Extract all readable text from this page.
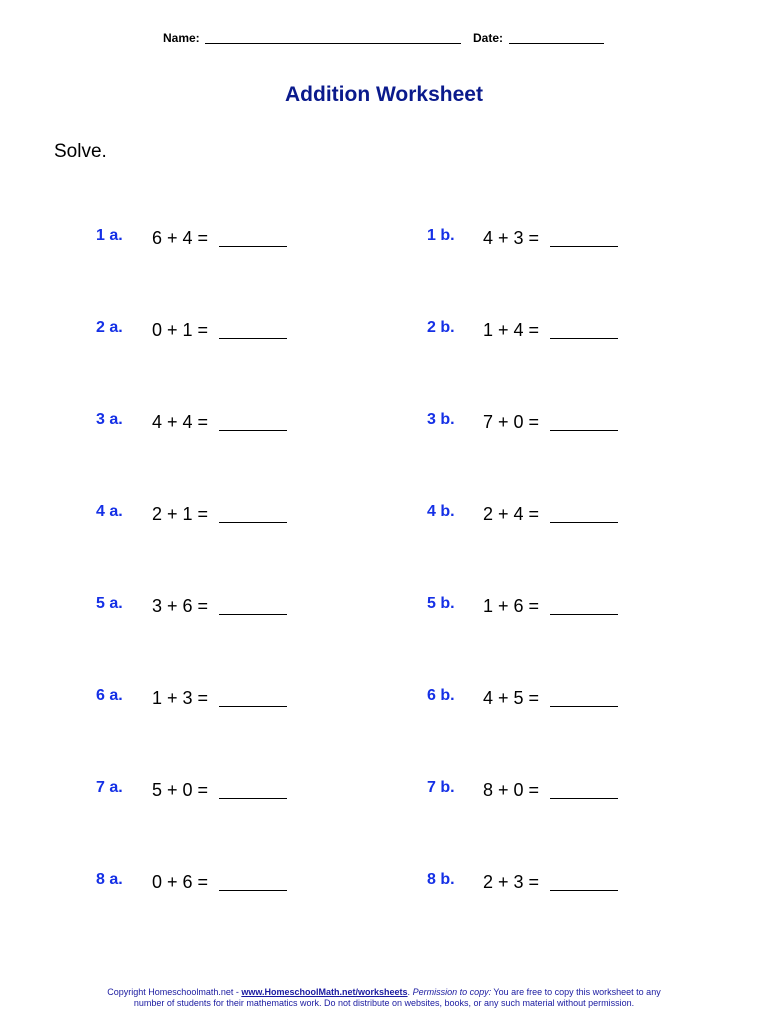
Name:	Date:
Addition Worksheet
Solve.
1 a. 6 + 4 =	1 b. 4 + 3 =
2 a. 0 + 1 =	2 b. 1 + 4 =
3 a. 4 + 4 =	3 b. 7 + 0 =
4 a. 2 + 1 =	4 b. 2 + 4 =
5 a. 3 + 6 =	5 b. 1 + 6 =
6 a. 1 + 3 =	6 b. 4 + 5 =
7 a. 5 + 0 =	7 b. 8 + 0 =
8 a. 0 + 6 =	8 b. 2 + 3 =
Copyright Homeschoolmath.net - www.HomeschoolMath.net/worksheets. Permission to copy: You are free to copy this worksheet to any
number of students for their mathematics work. Do not distribute on websites, books, or any such material without permission.
